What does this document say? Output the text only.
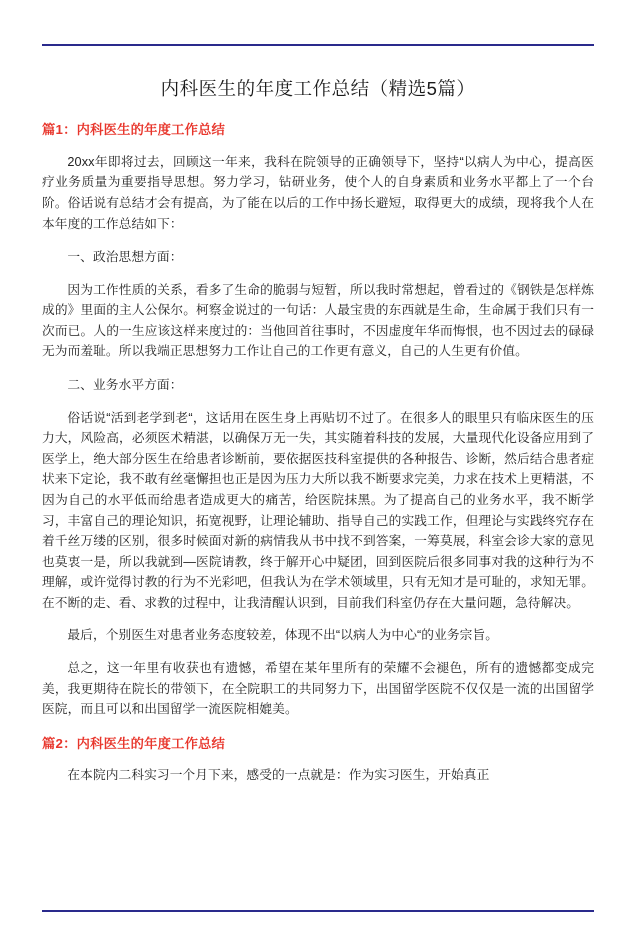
内科医生的年度工作总结（精选5篇）
篇1：内科医生的年度工作总结

20xx年即将过去，回顾这一年来，我科在院领导的正确领导下，坚持“以病人为中心，提高医疗业务质量为重要指导思想。努力学习，钻研业务，使个人的自身素质和业务水平都上了一个台阶。俗话说有总结才会有提高，为了能在以后的工作中扬长避短，取得更大的成绩，现将我个人在本年度的工作总结如下：

一、政治思想方面：

因为工作性质的关系，看多了生命的脆弱与短暂，所以我时常想起，曾看过的《钢铁是怎样炼成的》里面的主人公保尔。柯察金说过的一句话：人最宝贵的东西就是生命，生命属于我们只有一次而已。人的一生应该这样来度过的：当他回首往事时，不因虚度年华而悔恨，也不因过去的碌碌无为而羞耻。所以我端正思想努力工作让自己的工作更有意义，自己的人生更有价值。

二、业务水平方面：

俗话说“活到老学到老“，这话用在医生身上再贴切不过了。在很多人的眼里只有临床医生的压力大，风险高，必须医术精湛，以确保万无一失，其实随着科技的发展，大量现代化设备应用到了医学上，绝大部分医生在给患者诊断前，要依据医技科室提供的各种报告、诊断，然后结合患者症状来下定论，我不敢有丝毫懈担也正是因为压力大所以我不断要求完美，力求在技术上更精湛，不因为自己的水平低而给患者造成更大的痛苦，给医院抹黑。为了提高自己的业务水平，我不断学习，丰富自己的理论知识，拓宽视野，让理论辅助、指导自己的实践工作，但理论与实践终究存在着千丝万缕的区别，很多时候面对新的病情我从书中找不到答案，一筹莫展，科室会诊大家的意见也莫衷一是，所以我就到—医院请教，终于解开心中疑团，回到医院后很多同事对我的这种行为不理解，或许觉得讨教的行为不光彩吧，但我认为在学术领域里，只有无知才是可耻的，求知无罪。在不断的走、看、求教的过程中，让我清醒认识到，目前我们科室仍存在大量问题，急待解决。

最后，个别医生对患者业务态度较差，体现不出“以病人为中心“的业务宗旨。

总之，这一年里有收获也有遗憾，希望在某年里所有的荣耀不会褪色，所有的遗憾都变成完美，我更期待在院长的带领下，在全院职工的共同努力下，出国留学医院不仅仅是一流的出国留学医院，而且可以和出国留学一流医院相媲美。

篇2：内科医生的年度工作总结

在本院内二科实习一个月下来，感受的一点就是：作为实习医生，开始真正
